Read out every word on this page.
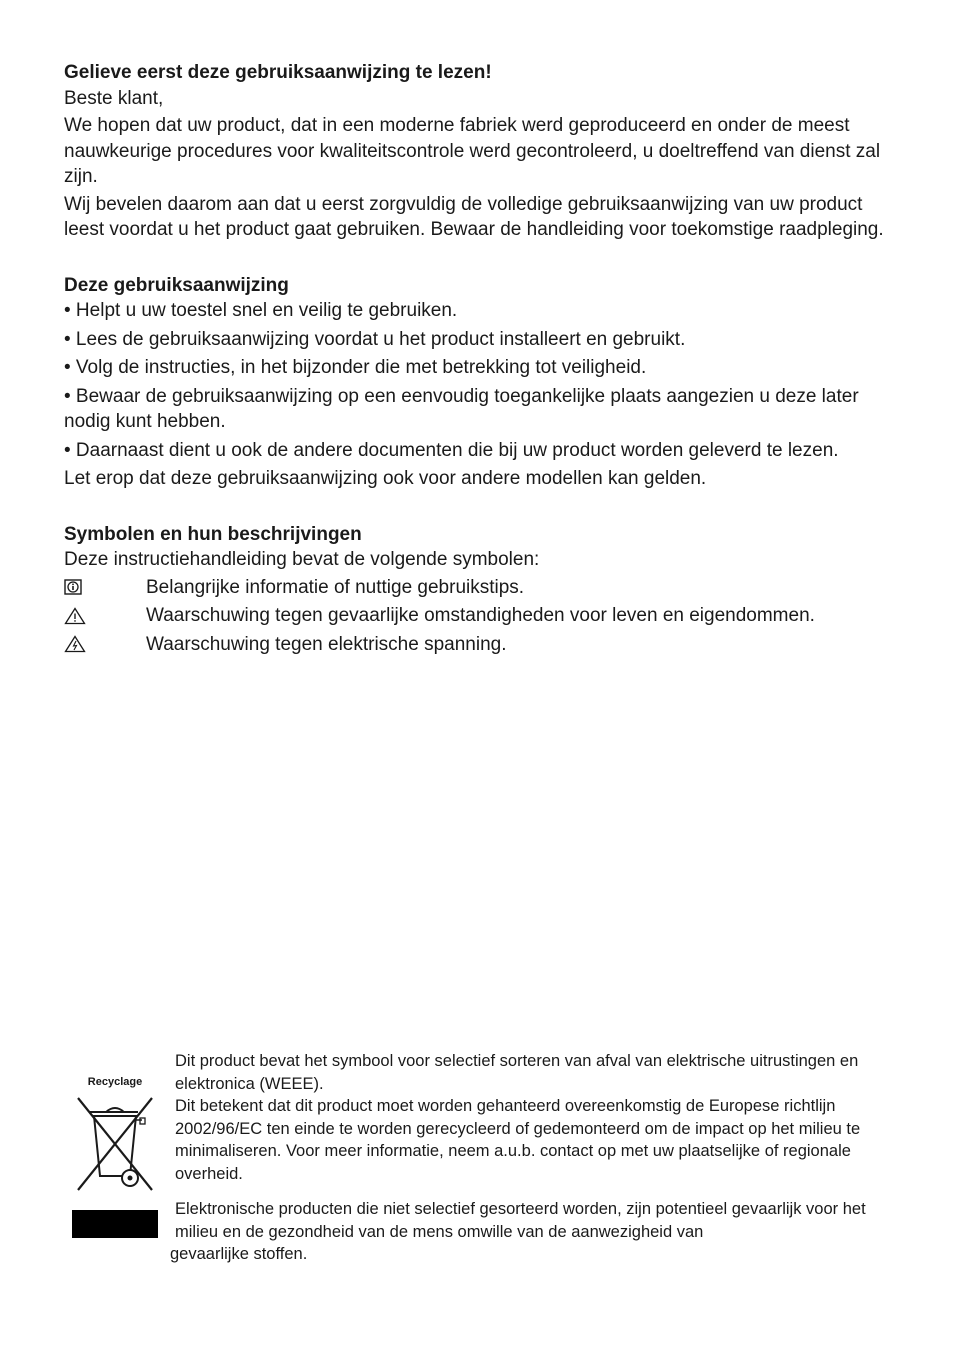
Gelieve eerst deze gebruiksaanwijzing te lezen!

Beste klant,

We hopen dat uw product, dat in een moderne fabriek werd geproduceerd en onder de meest nauwkeurige procedures voor kwaliteitscontrole werd gecontroleerd, u doeltreffend van dienst zal zijn.

Wij bevelen daarom aan dat u eerst zorgvuldig de volledige gebruiksaanwijzing van uw product leest voordat u het product gaat gebruiken. Bewaar de handleiding voor toekomstige raadpleging.

Deze gebruiksaanwijzing

• Helpt u uw toestel snel en veilig te gebruiken.

• Lees de gebruiksaanwijzing voordat u het product installeert en gebruikt.

• Volg de instructies, in het bijzonder die met betrekking tot veiligheid.

• Bewaar de gebruiksaanwijzing op een eenvoudig toegankelijke plaats aangezien u deze later nodig kunt hebben.

• Daarnaast dient u ook de andere documenten die bij uw product worden geleverd te lezen.

Let erop dat deze gebruiksaanwijzing ook voor andere modellen kan gelden.

Symbolen en hun beschrijvingen

Deze instructiehandleiding bevat de volgende symbolen:

Belangrijke informatie of nuttige gebruikstips.
Waarschuwing tegen gevaarlijke omstandigheden voor leven en eigendommen.
Waarschuwing tegen elektrische spanning.
Recyclage

Dit product bevat het symbool voor selectief sorteren van afval van elektrische uitrustingen en elektronica (WEEE).

Dit betekent dat dit product moet worden gehanteerd overeenkomstig de Europese richtlijn 2002/96/EC ten einde te worden gerecycleerd of gedemonteerd om de impact op het milieu te minimaliseren. Voor meer informatie, neem a.u.b. contact op met uw plaatselijke of regionale overheid.

Elektronische producten die niet selectief gesorteerd worden, zijn potentieel gevaarlijk voor het milieu en de gezondheid van de mens omwille van de aanwezigheid van

gevaarlijke stoffen.
